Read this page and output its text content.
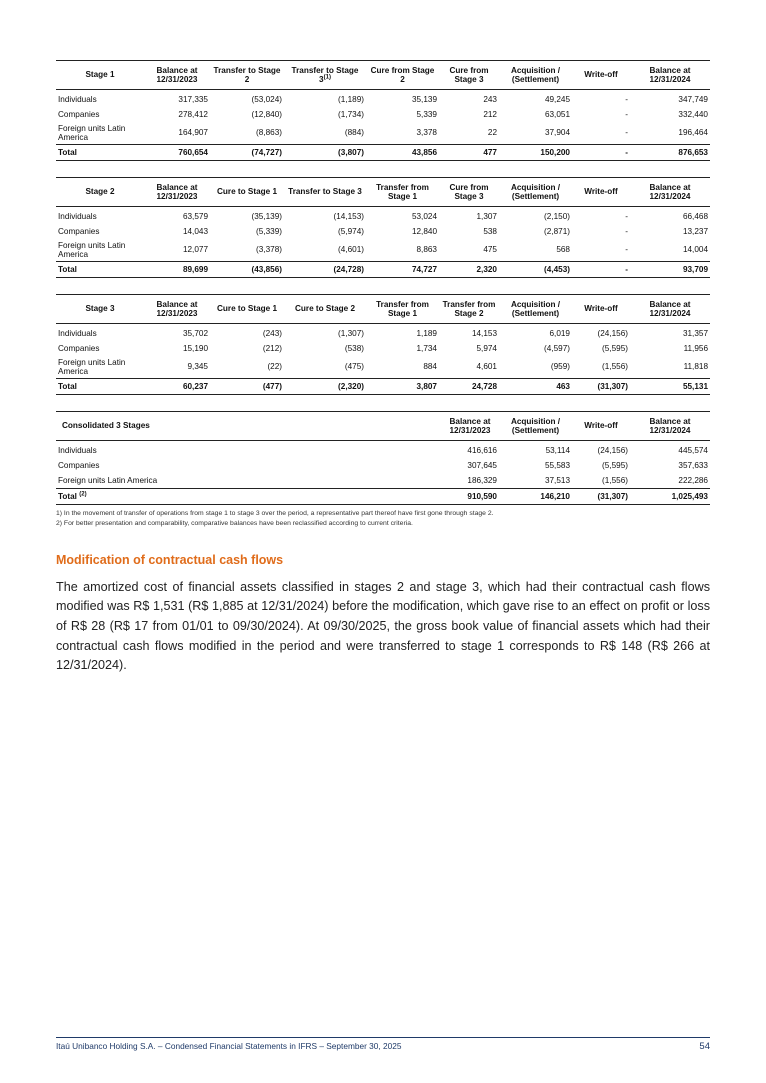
Stage 1	Balance at 12/31/2023	Transfer to Stage 2	Transfer to Stage 3$^{(1)}$	Cure from Stage 2	Cure from Stage 3	Acquisition / (Settlement)	Write-off	Balance at 12/31/2024
Individuals	317,335	(53,024)	(1,189)	35,139	243	49,245	-	347,749
Companies	278,412	(12,840)	(1,734)	5,339	212	63,051	-	332,440
Foreign units Latin America	164,907	(8,863)	(884)	3,378	22	37,904	-	196,464
Total	760,654	(74,727)	(3,807)	43,856	477	150,200	-	876,653
Stage 2	Balance at 12/31/2023	Cure to Stage 1	Transfer to Stage 3	Transfer from Stage 1	Cure from Stage 3	Acquisition / (Settlement)	Write-off	Balance at 12/31/2024
Individuals	63,579	(35,139)	(14,153)	53,024	1,307	(2,150)	-	66,468
Companies	14,043	(5,339)	(5,974)	12,840	538	(2,871)	-	13,237
Foreign units Latin America	12,077	(3,378)	(4,601)	8,863	475	568	-	14,004
Total	89,699	(43,856)	(24,728)	74,727	2,320	(4,453)	-	93,709
Stage 3	Balance at 12/31/2023	Cure to Stage 1	Cure to Stage 2	Transfer from Stage 1	Transfer from Stage 2	Acquisition / (Settlement)	Write-off	Balance at 12/31/2024
Individuals	35,702	(243)	(1,307)	1,189	14,153	6,019	(24,156)	31,357
Companies	15,190	(212)	(538)	1,734	5,974	(4,597)	(5,595)	11,956
Foreign units Latin America	9,345	(22)	(475)	884	4,601	(959)	(1,556)	11,818
Total	60,237	(477)	(2,320)	3,807	24,728	463	(31,307)	55,131
Consolidated 3 Stages	Balance at 12/31/2023	Acquisition / (Settlement)	Write-off	Balance at 12/31/2024
Individuals	416,616	53,114	(24,156)	445,574
Companies	307,645	55,583	(5,595)	357,633
Foreign units Latin America	186,329	37,513	(1,556)	222,286
Total $^{(2)}$	910,590	146,210	(31,307)	1,025,493
1) In the movement of transfer of operations from stage 1 to stage 3 over the period, a representative part thereof have first gone through stage 2.
2) For better presentation and comparability, comparative balances have been reclassified according to current criteria.
Modification of contractual cash flows
The amortized cost of financial assets classified in stages 2 and stage 3, which had their contractual cash flows modified was R$ 1,531 (R$ 1,885 at 12/31/2024) before the modification, which gave rise to an effect on profit or loss of R$ 28 (R$ 17 from 01/01 to 09/30/2024). At 09/30/2025, the gross book value of financial assets which had their contractual cash flows modified in the period and were transferred to stage 1 corresponds to R$ 148 (R$ 266 at 12/31/2024).
Itaú Unibanco Holding S.A. – Condensed Financial Statements in IFRS – September 30, 2025	54
